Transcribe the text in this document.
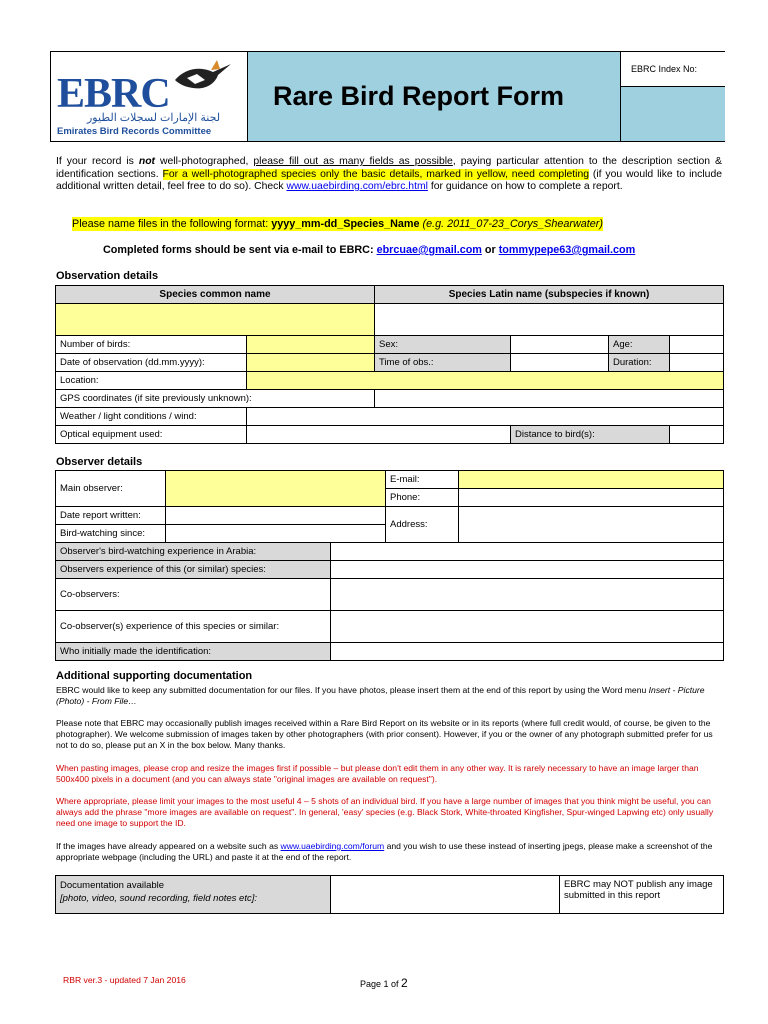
EBRC
لجنة الإمارات لسجلات الطيور
Emirates Bird Records Committee
Rare Bird Report Form
EBRC Index No:
If your record is not well-photographed, please fill out as many fields as possible, paying particular attention to the description section & identification sections. For a well-photographed species only the basic details, marked in yellow, need completing (if you would like to include additional written detail, feel free to do so). Check www.uaebirding.com/ebrc.html for guidance on how to complete a report.
Please name files in the following format: yyyy_mm-dd_Species_Name (e.g. 2011_07-23_Corys_Shearwater)
Completed forms should be sent via e-mail to EBRC: ebrcuae@gmail.com or tommypepe63@gmail.com
Observation details
Species common name		Species Latin name (subspecies if known)			

Number of birds:		Sex:		Age:	
Date of observation (dd.mm.yyyy):		Time of obs.:		Duration:	
Location:					
GPS coordinates (if site previously unknown):					
Weather / light conditions / wind:					
Optical equipment used:			Distance to bird(s):		
Observer details
Main observer:			E-mail:	
			Phone:	
Date report written:			Address:	
Bird-watching since:				
Observer's bird-watching experience in Arabia:				
Observers experience of this (or similar) species:				
Co-observers:				
Co-observer(s) experience of this species or similar:				
Who initially made the identification:				
Additional supporting documentation
EBRC would like to keep any submitted documentation for our files. If you have photos, please insert them at the end of this report by using the Word menu Insert - Picture (Photo) - From File…
Please note that EBRC may occasionally publish images received within a Rare Bird Report on its website or in its reports (where full credit would, of course, be given to the photographer). We welcome submission of images taken by other photographers (with prior consent). However, if you or the owner of any photograph submitted prefer for us not to do so, please put an X in the box below. Many thanks.
When pasting images, please crop and resize the images first if possible – but please don't edit them in any other way. It is rarely necessary to have an image larger than 500x400 pixels in a document (and you can always state "original images are available on request").
Where appropriate, please limit your images to the most useful 4 – 5 shots of an individual bird. If you have a large number of images that you think might be useful, you can always add the phrase "more images are available on request". In general, 'easy' species (e.g. Black Stork, White-throated Kingfisher, Spur-winged Lapwing etc) only usually need one image to support the ID.
If the images have already appeared on a website such as www.uaebirding.com/forum and you wish to use these instead of inserting jpegs, please make a screenshot of the appropriate webpage (including the URL) and paste it at the end of the report.
Documentation available
[photo, video, sound recording, field notes etc]:
		EBRC may NOT publish any image submitted in this report
RBR ver.3 - updated 7 Jan 2016	Page 1 of 2
